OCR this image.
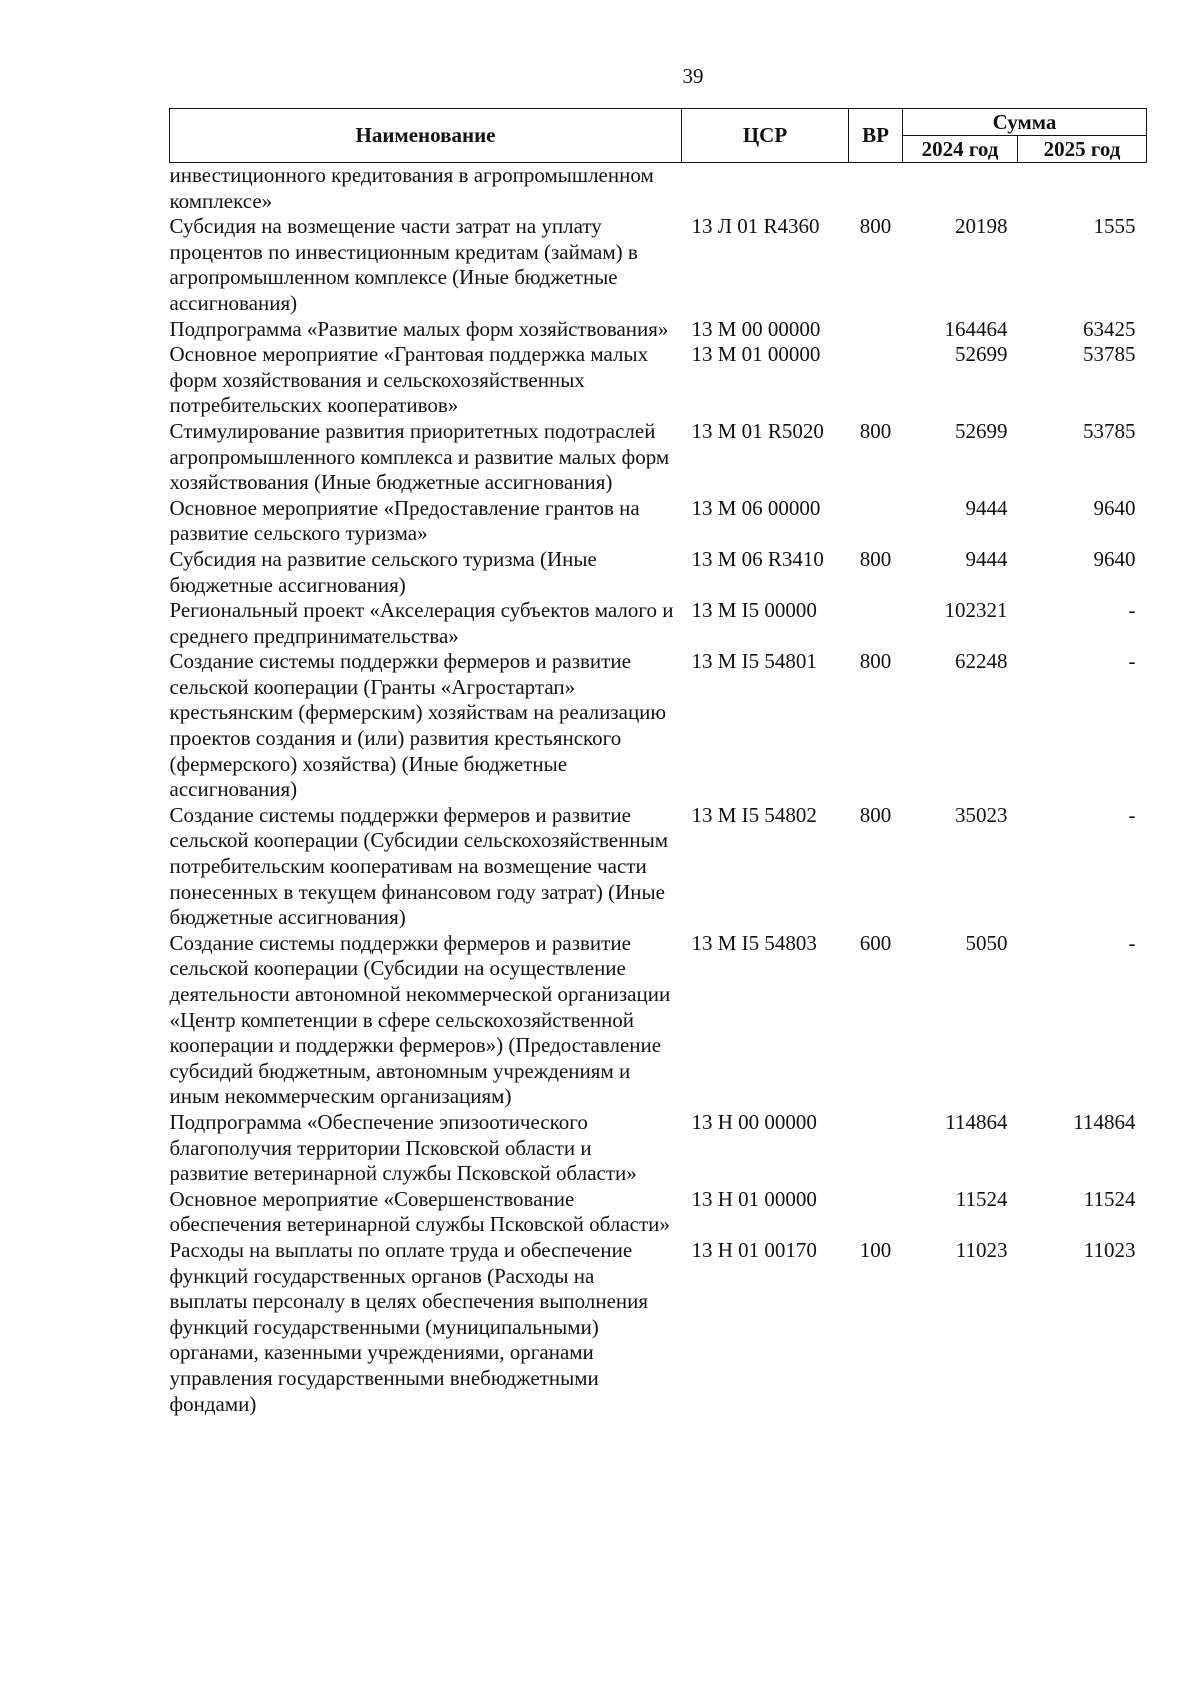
39
Наименование	ЦСР	ВР	Сумма	
			2024 год	2025 год
инвестиционного кредитования в агропромышленном комплексе»				
Субсидия на возмещение части затрат на уплату процентов по инвестиционным кредитам (займам) в агропромышленном комплексе (Иные бюджетные ассигнования)	13 Л 01 R4360	800	20198	1555
Подпрограмма «Развитие малых форм хозяйствования»	13 М 00 00000		164464	63425
Основное мероприятие «Грантовая поддержка малых форм хозяйствования и сельскохозяйственных потребительских кооперативов»	13 М 01 00000		52699	53785
Стимулирование развития приоритетных подотраслей агропромышленного комплекса и развитие малых форм хозяйствования (Иные бюджетные ассигнования)	13 М 01 R5020	800	52699	53785
Основное мероприятие «Предоставление грантов на развитие сельского туризма»	13 М 06 00000		9444	9640
Субсидия на развитие сельского туризма (Иные бюджетные ассигнования)	13 М 06 R3410	800	9444	9640
Региональный проект «Акселерация субъектов малого и среднего предпринимательства»	13 М I5 00000		102321	-
Создание системы поддержки фермеров и развитие сельской кооперации (Гранты «Агростартап» крестьянским (фермерским) хозяйствам на реализацию проектов создания и (или) развития крестьянского (фермерского) хозяйства) (Иные бюджетные ассигнования)	13 М I5 54801	800	62248	-
Создание системы поддержки фермеров и развитие сельской кооперации (Субсидии сельскохозяйственным потребительским кооперативам на возмещение части понесенных в текущем финансовом году затрат) (Иные бюджетные ассигнования)	13 М I5 54802	800	35023	-
Создание системы поддержки фермеров и развитие сельской кооперации (Субсидии на осуществление деятельности автономной некоммерческой организации «Центр компетенции в сфере сельскохозяйственной кооперации и поддержки фермеров») (Предоставление субсидий бюджетным, автономным учреждениям и иным некоммерческим организациям)	13 М I5 54803	600	5050	-
Подпрограмма «Обеспечение эпизоотического благополучия территории Псковской области и развитие ветеринарной службы Псковской области»	13 Н 00 00000		114864	114864
Основное мероприятие «Совершенствование обеспечения ветеринарной службы Псковской области»	13 Н 01 00000		11524	11524
Расходы на выплаты по оплате труда и обеспечение функций государственных органов (Расходы на выплаты персоналу в целях обеспечения выполнения функций государственными (муниципальными) органами, казенными учреждениями, органами управления государственными внебюджетными фондами)	13 Н 01 00170	100	11023	11023
